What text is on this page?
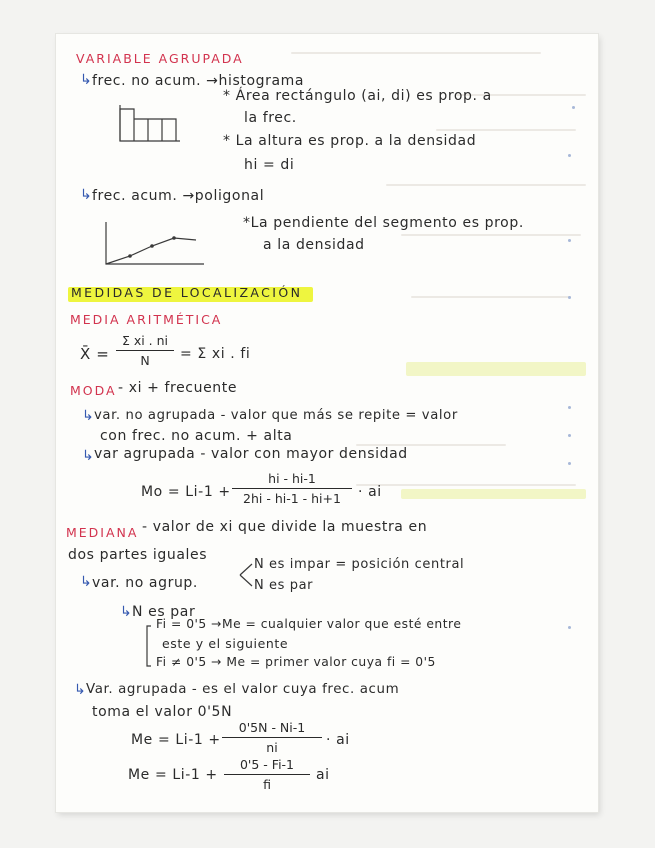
VARIABLE AGRUPADA
↳ frec. no acum. →histograma
* Área rectángulo (ai, di) es prop. a
la frec.
* La altura es prop. a la densidad
hi = di
↳ frec. acum. →poligonal
*La pendiente del segmento es prop.
a la densidad
MEDIDAS DE LOCALIZACIÓN
MEDIA ARITMÉTICA
X̄ =
Σ xi . ni
N	= Σ xi . fi
MODA - xi + frecuente
↳ var. no agrupada - valor que más se repite = valor
con frec. no acum. + alta
↳ var agrupada - valor con mayor densidad
Mo = Li-1 +
hi - hi-1
2hi - hi-1 - hi+1	· ai
MEDIANA - valor de xi que divide la muestra en
dos partes iguales
↳ var. no agrup.
N es impar = posición central
N es par
↳ N es par
Fi = 0'5 →Me = cualquier valor que esté entre
este y el siguiente
Fi ≠ 0'5 → Me = primer valor cuya fi = 0'5
↳ Var. agrupada - es el valor cuya frec. acum
toma el valor 0'5N
Me = Li-1 +
0'5N - Ni-1
ni	· ai
Me = Li-1 +
0'5 - Fi-1
fi
ai
